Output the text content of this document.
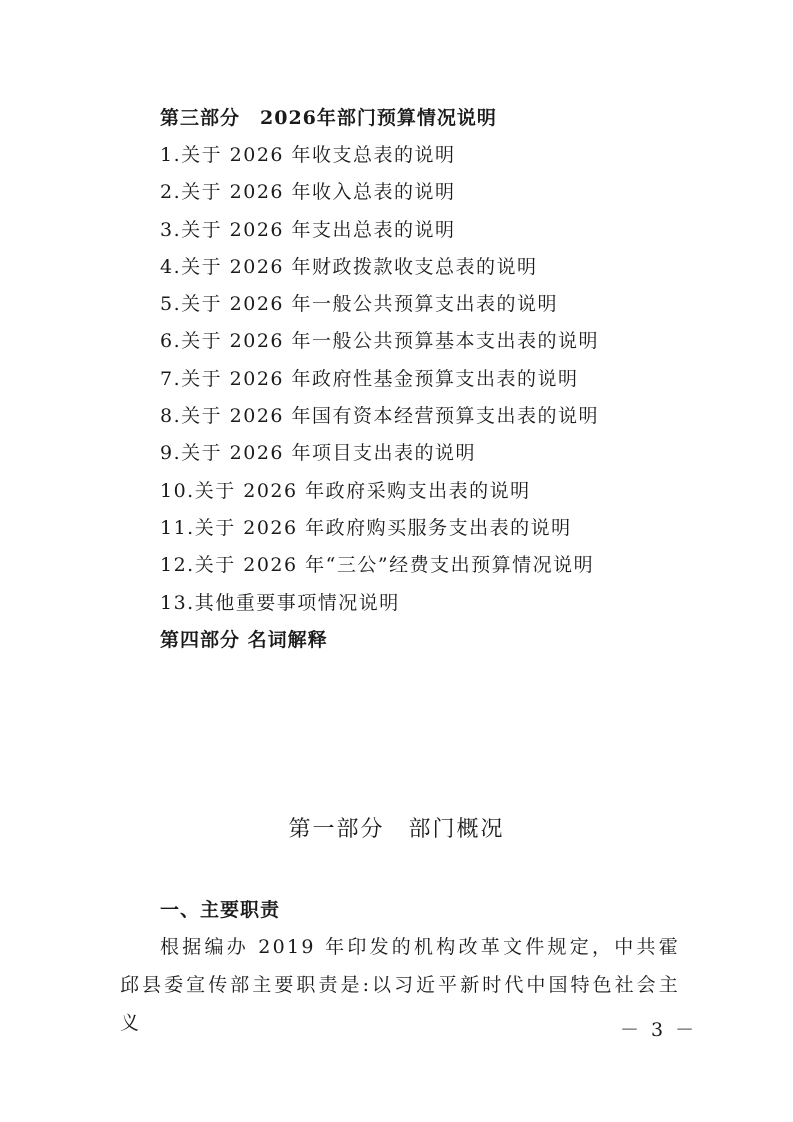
第三部分　2026年部门预算情况说明
1.关于 2026 年收支总表的说明
2.关于 2026 年收入总表的说明
3.关于 2026 年支出总表的说明
4.关于 2026 年财政拨款收支总表的说明
5.关于 2026 年一般公共预算支出表的说明
6.关于 2026 年一般公共预算基本支出表的说明
7.关于 2026 年政府性基金预算支出表的说明
8.关于 2026 年国有资本经营预算支出表的说明
9.关于 2026 年项目支出表的说明
10.关于 2026 年政府采购支出表的说明
11.关于 2026 年政府购买服务支出表的说明
12.关于 2026 年“三公”经费支出预算情况说明
13.其他重要事项情况说明
第四部分 名词解释
第一部分　部门概况
一、主要职责
根据编办 2019 年印发的机构改革文件规定，中共霍邱县委宣传部主要职责是:以习近平新时代中国特色社会主义	－ 3 －
